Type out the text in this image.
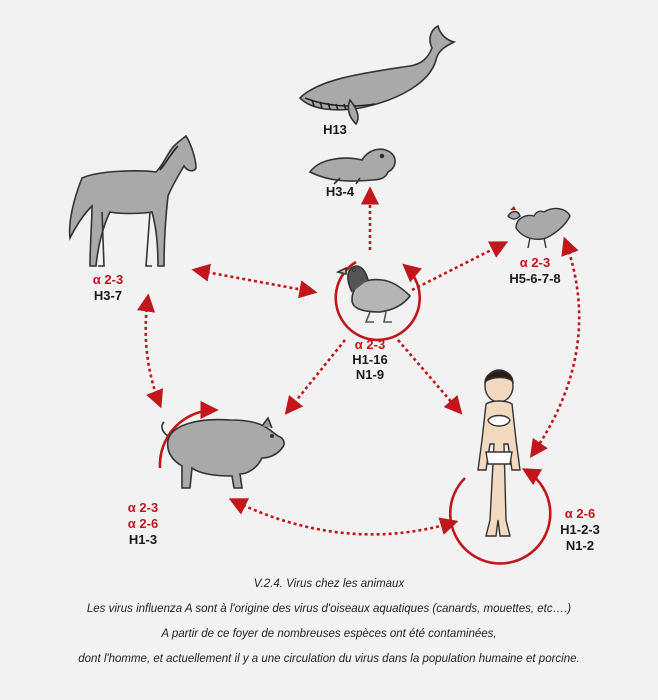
H13
H3-4
α 2-3
H3-7
α 2-3
H1-16
N1-9
α 2-3
H5-6-7-8
α 2-3
α 2-6
H1-3
α 2-6
H1-2-3
N1-2
V.2.4. Virus chez les animaux
Les virus influenza A sont à l'origine des virus d'oiseaux aquatiques (canards, mouettes, etc….)
A partir de ce foyer de nombreuses espèces ont été contaminées,
dont l'homme, et actuellement il y a une circulation du virus dans la population humaine et porcine.
